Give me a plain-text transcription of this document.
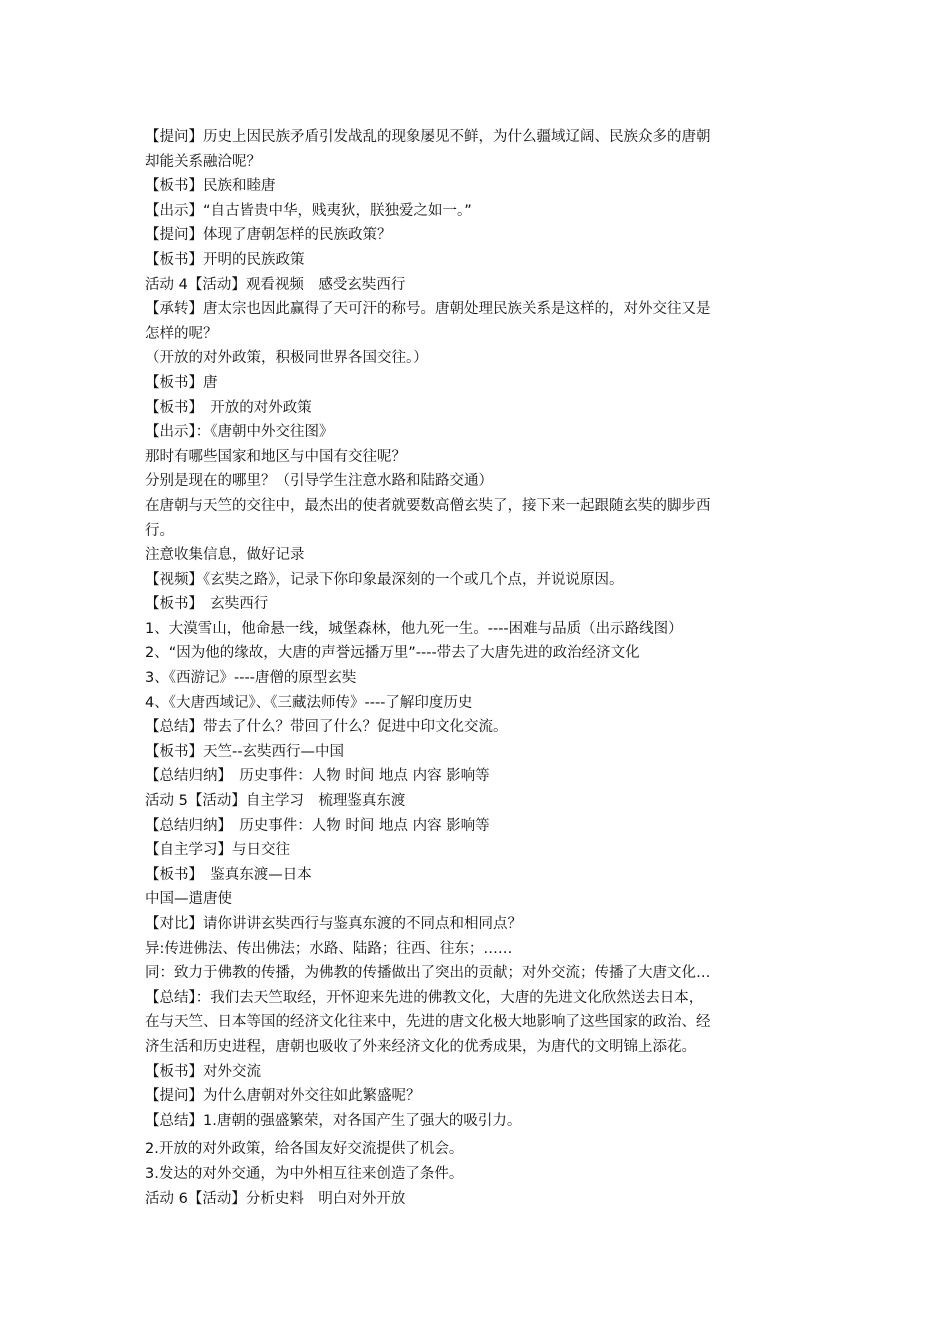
【提问】历史上因民族矛盾引发战乱的现象屡见不鲜，为什么疆域辽阔、民族众多的唐朝
却能关系融洽呢？
【板书】民族和睦唐
【出示】“自古皆贵中华，贱夷狄，朕独爱之如一。”
【提问】体现了唐朝怎样的民族政策？
【板书】开明的民族政策
活动 4【活动】观看视频　感受玄奘西行
【承转】唐太宗也因此赢得了天可汗的称号。唐朝处理民族关系是这样的，对外交往又是
怎样的呢？
（开放的对外政策，积极同世界各国交往。）
【板书】唐
【板书】　开放的对外政策
【出示】：《唐朝中外交往图》
那时有哪些国家和地区与中国有交往呢？
分别是现在的哪里？（引导学生注意水路和陆路交通）
在唐朝与天竺的交往中，最杰出的使者就要数高僧玄奘了，接下来一起跟随玄奘的脚步西
行。
注意收集信息，做好记录
【视频】《玄奘之路》，记录下你印象最深刻的一个或几个点，并说说原因。
【板书】　玄奘西行
1、大漠雪山，他命悬一线，城堡森林，他九死一生。----困难与品质（出示路线图）
2、“因为他的缘故，大唐的声誉远播万里”----带去了大唐先进的政治经济文化
3、《西游记》----唐僧的原型玄奘
4、《大唐西域记》、《三藏法师传》----了解印度历史
【总结】带去了什么？带回了什么？促进中印文化交流。
【板书】天竺--玄奘西行—中国
【总结归纳】　历史事件：人物 时间 地点 内容 影响等
活动 5【活动】自主学习　梳理鉴真东渡
【总结归纳】　历史事件：人物 时间 地点 内容 影响等
【自主学习】与日交往
【板书】　鉴真东渡—日本
中国—遣唐使
【对比】请你讲讲玄奘西行与鉴真东渡的不同点和相同点？
异:传进佛法、传出佛法；水路、陆路；往西、往东；……
同：致力于佛教的传播，为佛教的传播做出了突出的贡献；对外交流；传播了大唐文化…
【总结】：我们去天竺取经，开怀迎来先进的佛教文化，大唐的先进文化欣然送去日本，
在与天竺、日本等国的经济文化往来中，先进的唐文化极大地影响了这些国家的政治、经
济生活和历史进程，唐朝也吸收了外来经济文化的优秀成果，为唐代的文明锦上添花。
【板书】对外交流
【提问】为什么唐朝对外交往如此繁盛呢？
【总结】1.唐朝的强盛繁荣，对各国产生了强大的吸引力。
2.开放的对外政策，给各国友好交流提供了机会。
3.发达的对外交通，为中外相互往来创造了条件。
活动 6【活动】分析史料　明白对外开放
